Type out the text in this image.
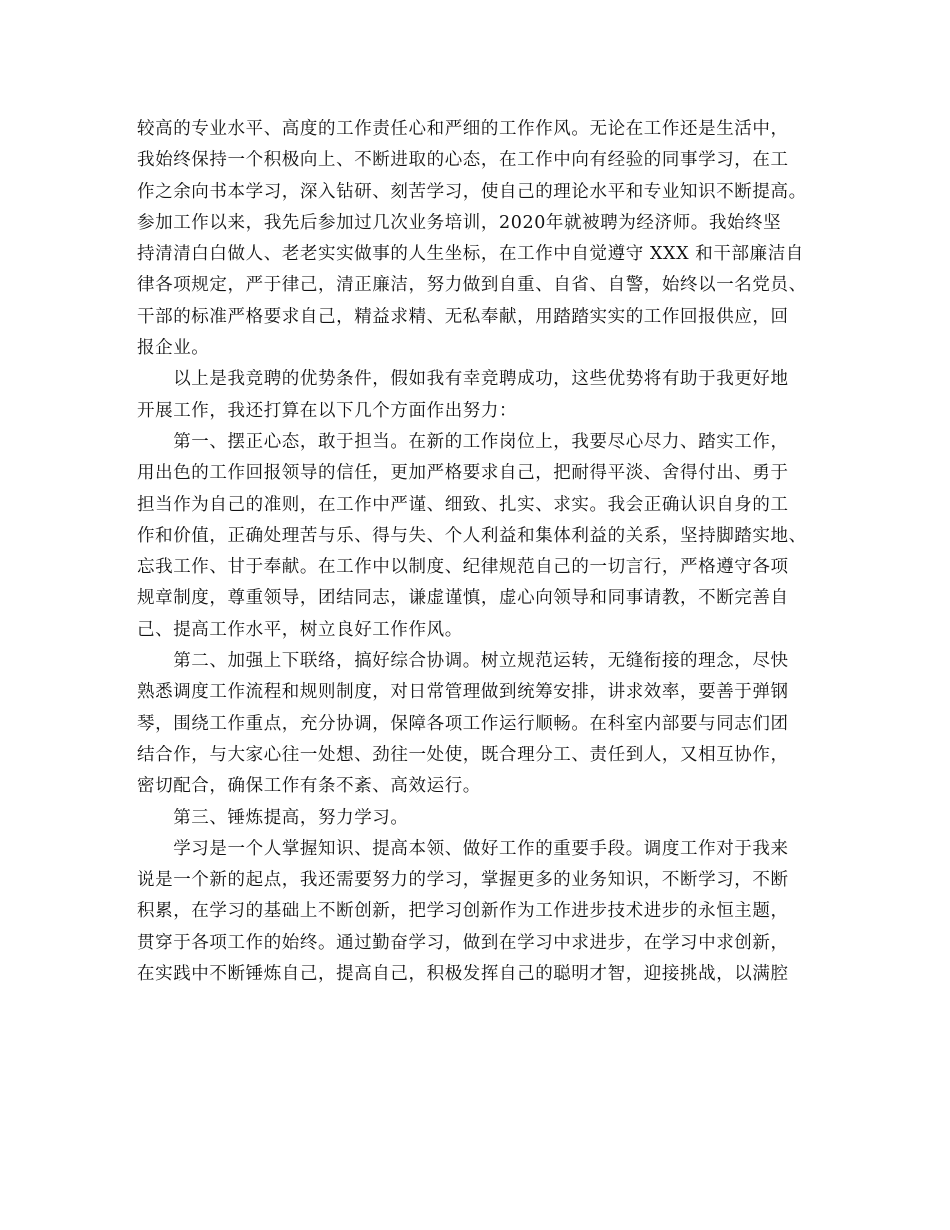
较高的专业水平、高度的工作责任心和严细的工作作风。无论在工作还是生活中，
我始终保持一个积极向上、不断进取的心态，在工作中向有经验的同事学习，在工
作之余向书本学习，深入钻研、刻苦学习，使自己的理论水平和专业知识不断提高。
参加工作以来，我先后参加过几次业务培训，2020年就被聘为经济师。我始终坚
持清清白白做人、老老实实做事的人生坐标，在工作中自觉遵守 XXX 和干部廉洁自
律各项规定，严于律己，清正廉洁，努力做到自重、自省、自警，始终以一名党员、
干部的标准严格要求自己，精益求精、无私奉献，用踏踏实实的工作回报供应，回
报企业。
　　以上是我竞聘的优势条件，假如我有幸竞聘成功，这些优势将有助于我更好地
开展工作，我还打算在以下几个方面作出努力：
　　第一、摆正心态，敢于担当。在新的工作岗位上，我要尽心尽力、踏实工作，
用出色的工作回报领导的信任，更加严格要求自己，把耐得平淡、舍得付出、勇于
担当作为自己的准则，在工作中严谨、细致、扎实、求实。我会正确认识自身的工
作和价值，正确处理苦与乐、得与失、个人利益和集体利益的关系，坚持脚踏实地、
忘我工作、甘于奉献。在工作中以制度、纪律规范自己的一切言行，严格遵守各项
规章制度，尊重领导，团结同志，谦虚谨慎，虚心向领导和同事请教，不断完善自
己、提高工作水平，树立良好工作作风。
　　第二、加强上下联络，搞好综合协调。树立规范运转，无缝衔接的理念，尽快
熟悉调度工作流程和规则制度，对日常管理做到统筹安排，讲求效率，要善于弹钢
琴，围绕工作重点，充分协调，保障各项工作运行顺畅。在科室内部要与同志们团
结合作，与大家心往一处想、劲往一处使，既合理分工、责任到人，又相互协作，
密切配合，确保工作有条不紊、高效运行。
　　第三、锤炼提高，努力学习。
　　学习是一个人掌握知识、提高本领、做好工作的重要手段。调度工作对于我来
说是一个新的起点，我还需要努力的学习，掌握更多的业务知识，不断学习，不断
积累，在学习的基础上不断创新，把学习创新作为工作进步技术进步的永恒主题，
贯穿于各项工作的始终。通过勤奋学习，做到在学习中求进步，在学习中求创新，
在实践中不断锤炼自己，提高自己，积极发挥自己的聪明才智，迎接挑战，以满腔
